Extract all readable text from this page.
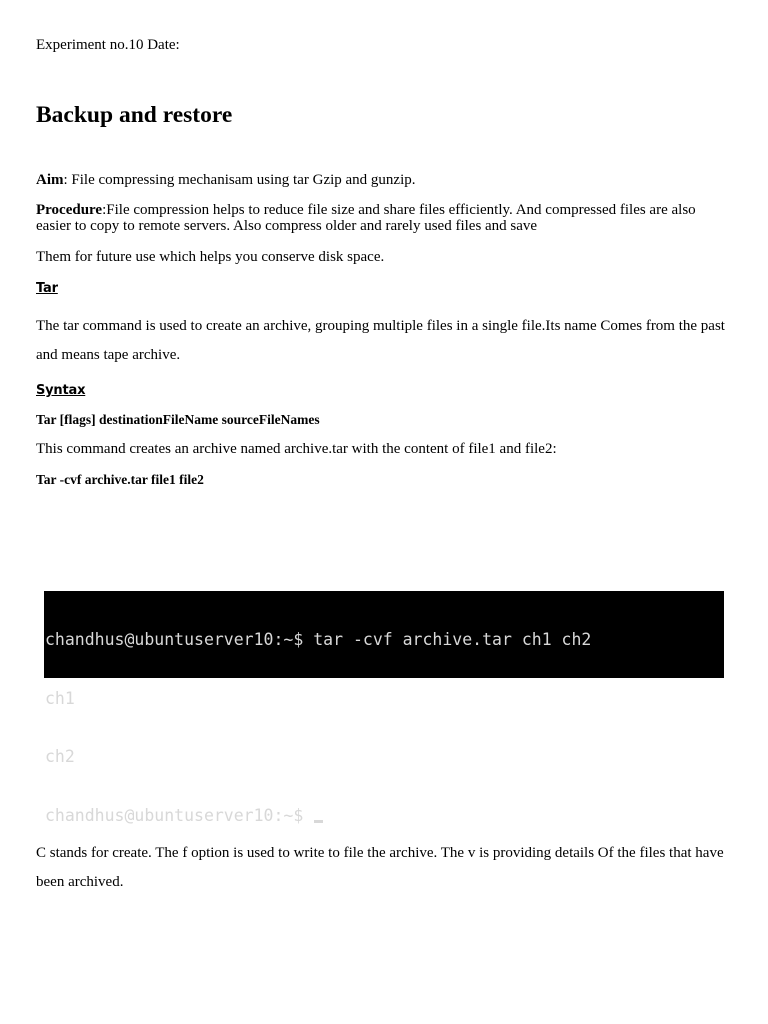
Experiment no.10 Date:

Backup and restore

Aim: File compressing mechanisam using tar Gzip and gunzip.

Procedure:File compression helps to reduce file size and share files efficiently. And compressed files are also easier to copy to remote servers. Also compress older and rarely used files and save

Them for future use which helps you conserve disk space.

Tar

The tar command is used to create an archive, grouping multiple files in a single file.Its name Comes from the past and means tape archive.

Syntax

Tar [flags] destinationFileName sourceFileNames

This command creates an archive named archive.tar with the content of file1 and file2:

Tar -cvf archive.tar file1 file2

chandhus@ubuntuserver10:~$ tar -cvf archive.tar ch1 ch2

ch1

ch2

chandhus@ubuntuserver10:~$

C stands for create. The f option is used to write to file the archive. The v is providing details Of the files that have been archived.
